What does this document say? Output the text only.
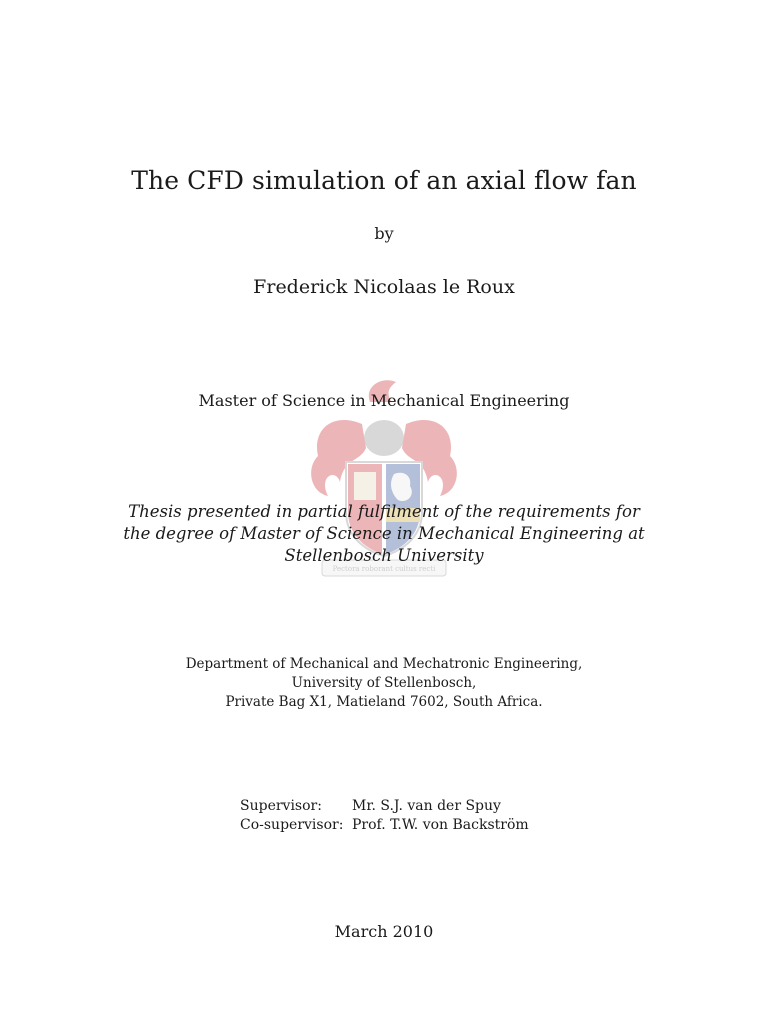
Pectora roborant cultus recti
The CFD simulation of an axial flow fan
by
Frederick Nicolaas le Roux
Master of Science in Mechanical Engineering
Thesis presented in partial fulfilment of the requirements for
the degree of Master of Science in Mechanical Engineering at
Stellenbosch University
Department of Mechanical and Mechatronic Engineering,
University of Stellenbosch,
Private Bag X1, Matieland 7602, South Africa.
Supervisor:	Mr. S.J. van der Spuy
Co-supervisor: Prof. T.W. von Backström
March 2010
